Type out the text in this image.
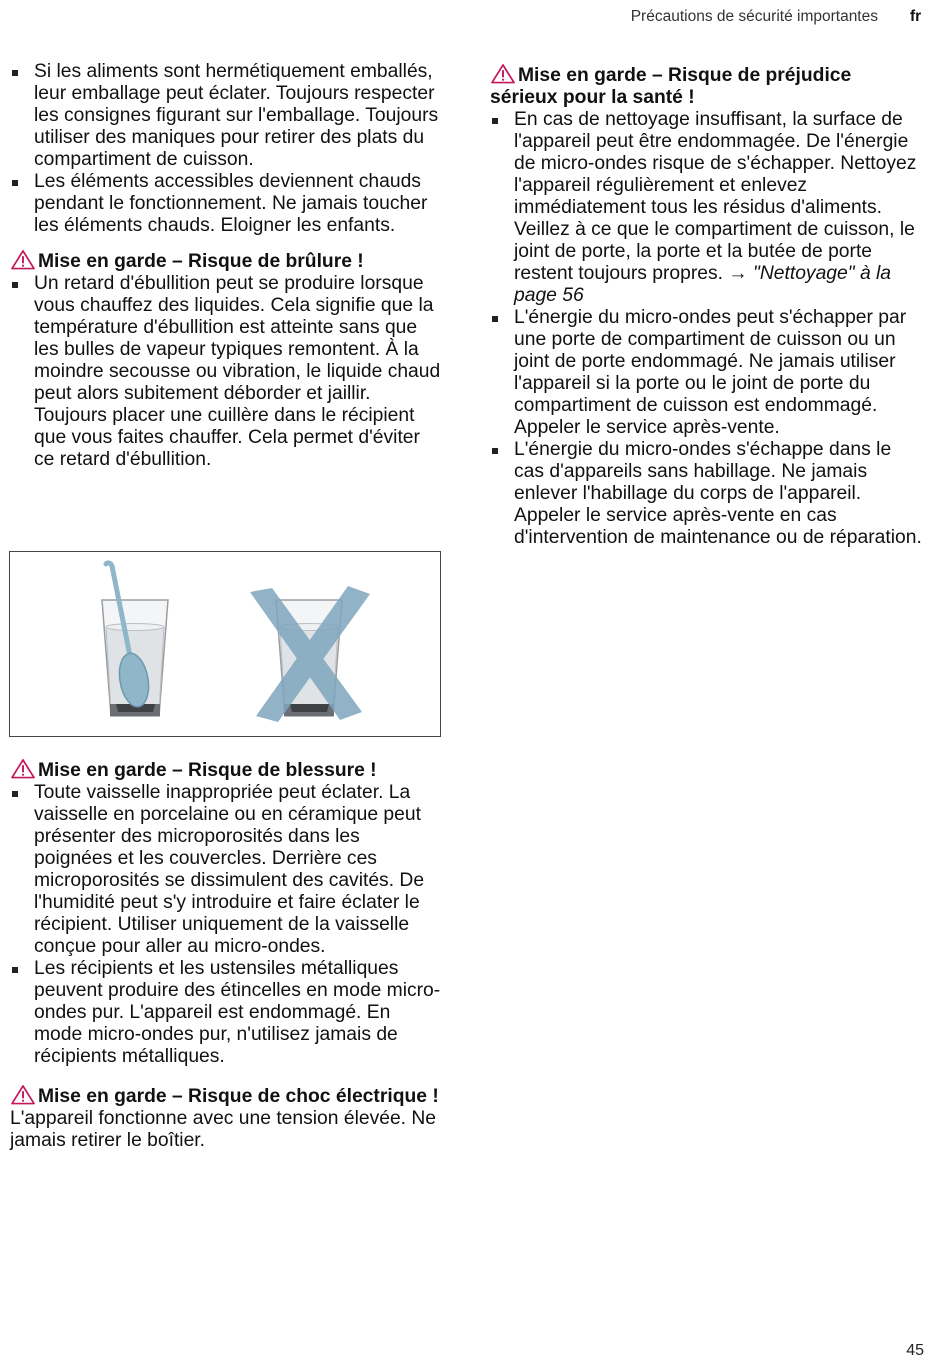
Précautions de sécurité importantes fr
Si les aliments sont hermétiquement emballés, leur emballage peut éclater. Toujours respecter les consignes figurant sur l'emballage. Toujours utiliser des maniques pour retirer des plats du compartiment de cuisson.
Les éléments accessibles deviennent chauds pendant le fonctionnement. Ne jamais toucher les éléments chauds. Eloigner les enfants.
Mise en garde – Risque de brûlure !
Un retard d'ébullition peut se produire lorsque vous chauffez des liquides. Cela signifie que la température d'ébullition est atteinte sans que les bulles de vapeur typiques remontent. À la moindre secousse ou vibration, le liquide chaud peut alors subitement déborder et jaillir. Toujours placer une cuillère dans le récipient que vous faites chauffer. Cela permet d'éviter ce retard d'ébullition.
Mise en garde – Risque de blessure !
Toute vaisselle inappropriée peut éclater. La vaisselle en porcelaine ou en céramique peut présenter des microporosités dans les poignées et les couvercles. Derrière ces microporosités se dissimulent des cavités. De l'humidité peut s'y introduire et faire éclater le récipient. Utiliser uniquement de la vaisselle conçue pour aller au micro-ondes.
Les récipients et les ustensiles métalliques peuvent produire des étincelles en mode micro-ondes pur. L'appareil est endommagé. En mode micro-ondes pur, n'utilisez jamais de récipients métalliques.
Mise en garde – Risque de choc électrique !

L'appareil fonctionne avec une tension élevée. Ne jamais retirer le boîtier.

Mise en garde – Risque de préjudice sérieux pour la santé !
En cas de nettoyage insuffisant, la surface de l'appareil peut être endommagée. De l'énergie de micro-ondes risque de s'échapper. Nettoyez l'appareil régulièrement et enlevez immédiatement tous les résidus d'aliments. Veillez à ce que le compartiment de cuisson, le joint de porte, la porte et la butée de porte restent toujours propres. → "Nettoyage" à la page 56
L'énergie du micro-ondes peut s'échapper par une porte de compartiment de cuisson ou un joint de porte endommagé. Ne jamais utiliser l'appareil si la porte ou le joint de porte du compartiment de cuisson est endommagé. Appeler le service après-vente.
L'énergie du micro-ondes s'échappe dans le cas d'appareils sans habillage. Ne jamais enlever l'habillage du corps de l'appareil. Appeler le service après-vente en cas d'intervention de maintenance ou de réparation.
45
